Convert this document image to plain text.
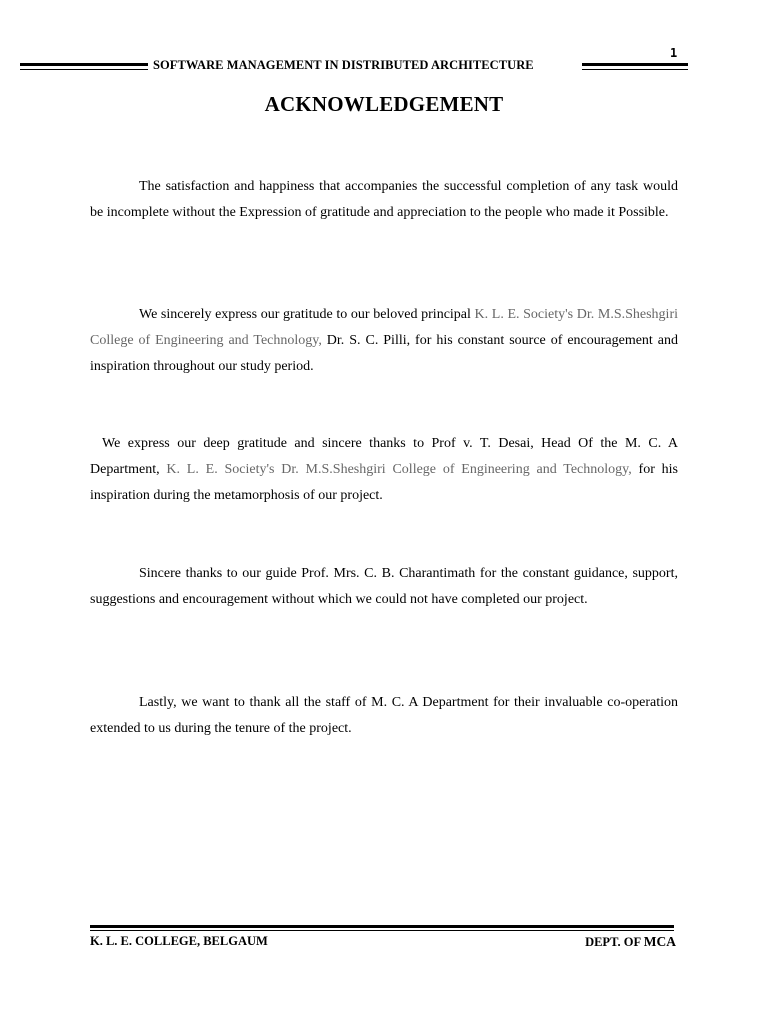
1
SOFTWARE MANAGEMENT IN DISTRIBUTED ARCHITECTURE
ACKNOWLEDGEMENT

The satisfaction and happiness that accompanies the successful completion of any task would be incomplete without the Expression of gratitude and appreciation to the people who made it Possible.

We sincerely express our gratitude to our beloved principal K. L. E. Society's Dr. M.S.Sheshgiri College of Engineering and Technology, Dr. S. C. Pilli, for his constant source of encouragement and inspiration throughout our study period.

We express our deep gratitude and sincere thanks to Prof v. T. Desai, Head Of the M. C. A Department, K. L. E. Society's Dr. M.S.Sheshgiri College of Engineering and Technology, for his inspiration during the metamorphosis of our project.

Sincere thanks to our guide Prof. Mrs. C. B. Charantimath for the constant guidance, support, suggestions and encouragement without which we could not have completed our project.

Lastly, we want to thank all the staff of M. C. A Department for their invaluable co-operation extended to us during the tenure of the project.

K. L. E. COLLEGE, BELGAUM	DEPT. OF MCA
